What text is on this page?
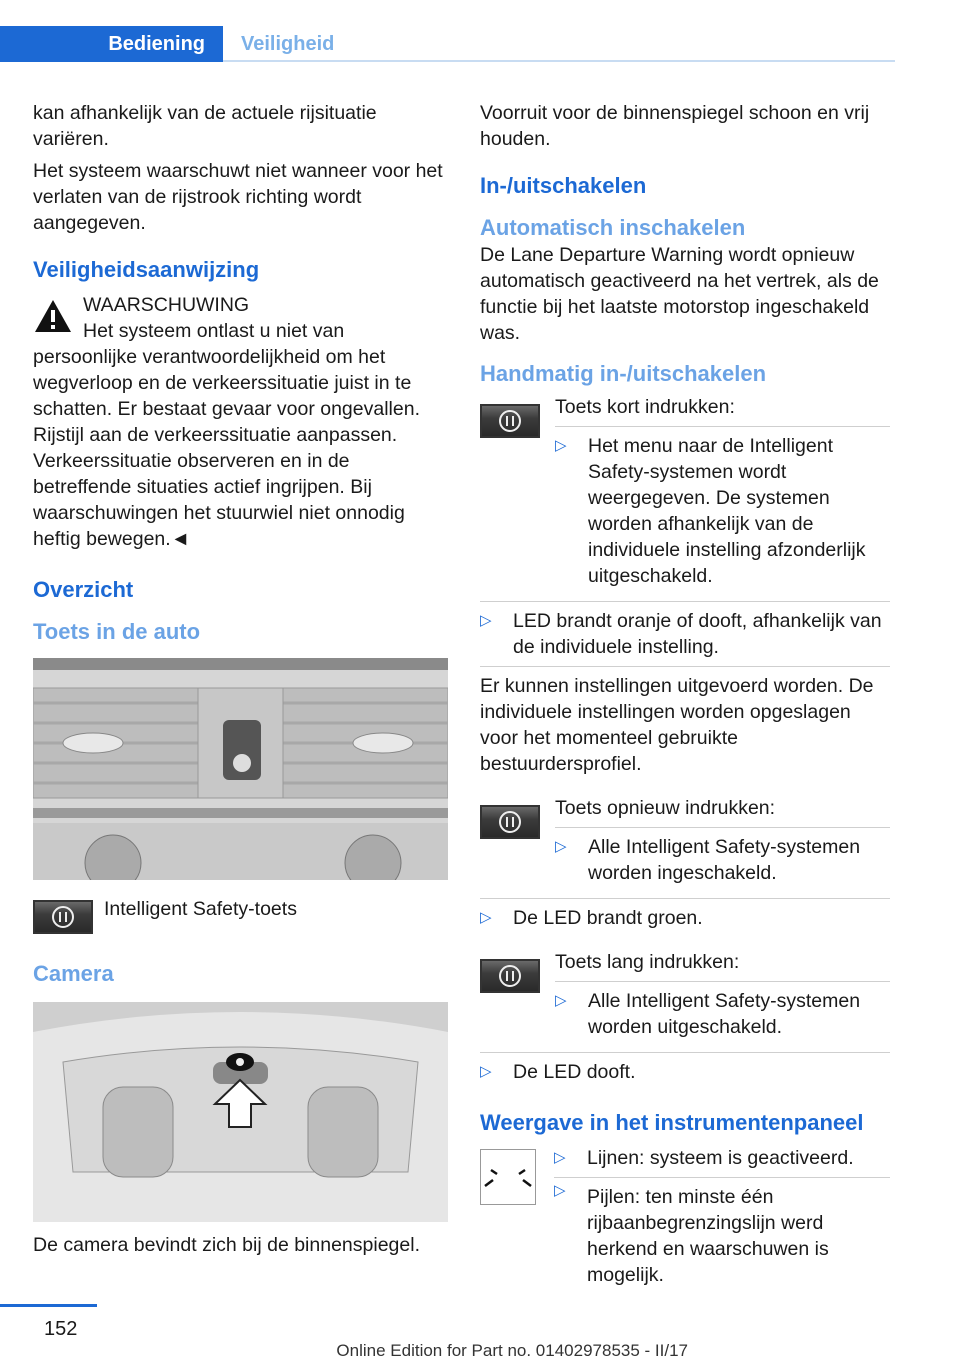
Bediening	Veiligheid

kan afhankelijk van de actuele rijsituatie variëren.

Het systeem waarschuwt niet wanneer voor het verlaten van de rijstrook richting wordt aangegeven.

Veiligheidsaanwijzing
WAARSCHUWING
Het systeem ontlast u niet van persoonlijke verantwoordelijkheid om het wegverloop en de verkeerssituatie juist in te schatten. Er bestaat gevaar voor ongevallen. Rijstijl aan de verkeerssituatie aanpassen. Verkeerssituatie observeren en in de betreffende situaties actief ingrijpen. Bij waarschuwingen het stuurwiel niet onnodig heftig bewegen.◄
Overzicht
Toets in de auto
Intelligent Safety-toets
Camera

De camera bevindt zich bij de binnenspiegel.

Voorruit voor de binnenspiegel schoon en vrij houden.

In-/uitschakelen
Automatisch inschakelen

De Lane Departure Warning wordt opnieuw automatisch geactiveerd na het vertrek, als de functie bij het laatste motorstop ingeschakeld was.

Handmatig in-/uitschakelen
Toets kort indrukken:
▷ Het menu naar de Intelligent Safety-systemen wordt weergegeven. De systemen worden afhankelijk van de individuele instelling afzonderlijk uitgeschakeld.
▷ LED brandt oranje of dooft, afhankelijk van de individuele instelling.

Er kunnen instellingen uitgevoerd worden. De individuele instellingen worden opgeslagen voor het momenteel gebruikte bestuurdersprofiel.

Toets opnieuw indrukken:
▷ Alle Intelligent Safety-systemen worden ingeschakeld.
▷ De LED brandt groen.
Toets lang indrukken:
▷ Alle Intelligent Safety-systemen worden uitgeschakeld.
▷ De LED dooft.
Weergave in het instrumentenpaneel
▷ Lijnen: systeem is geactiveerd.
▷ Pijlen: ten minste één rijbaanbegrenzingslijn werd herkend en waarschuwen is mogelijk.
152
Online Edition for Part no. 01402978535 - II/17
